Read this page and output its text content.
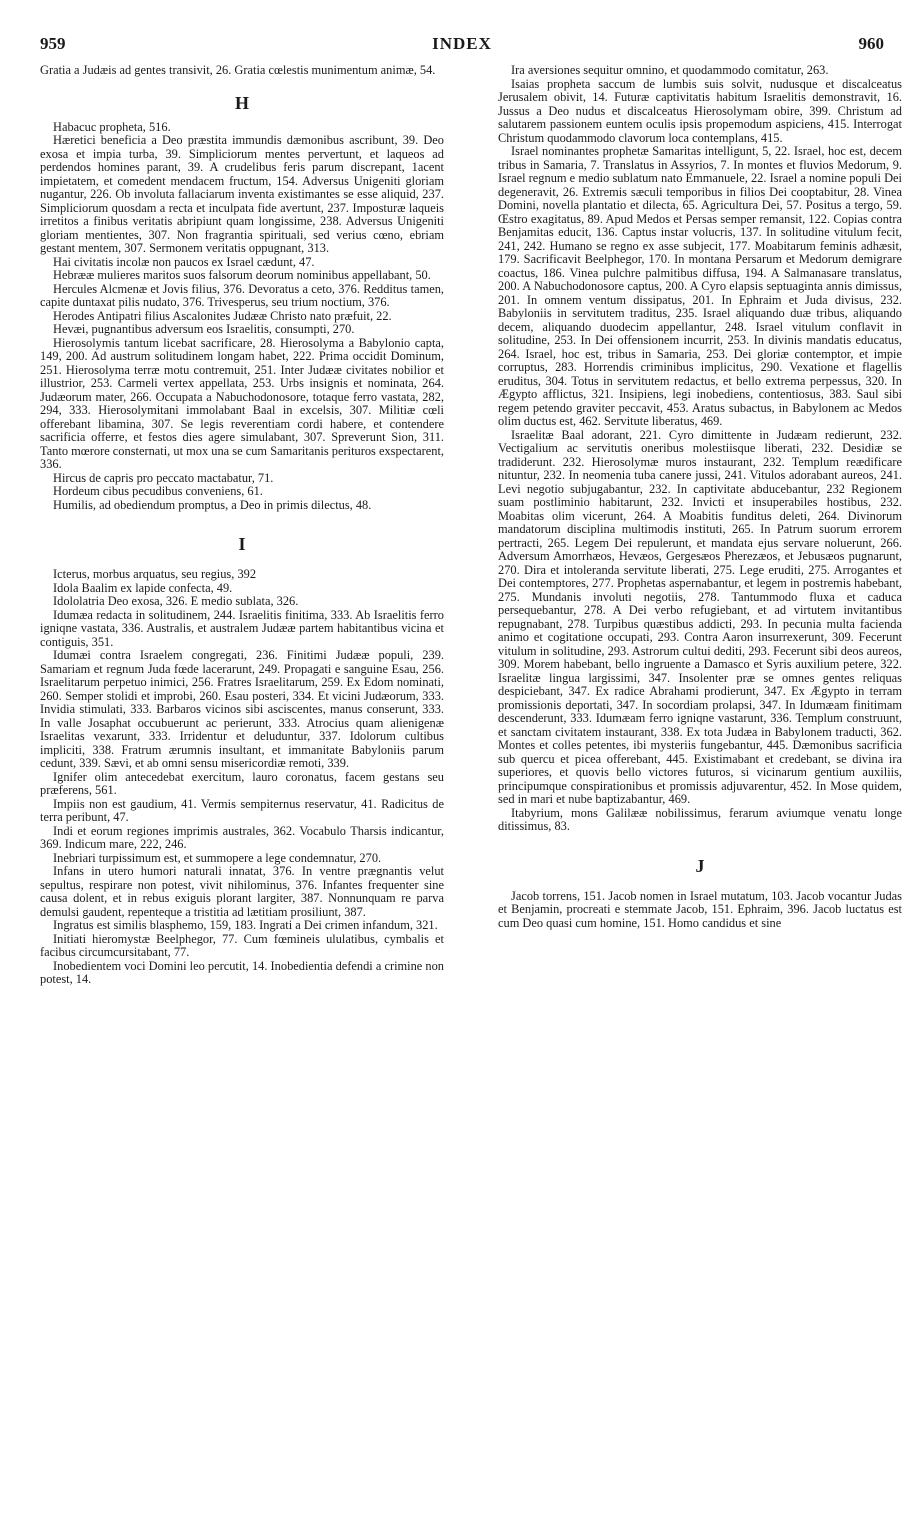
959	INDEX	960

Gratia a Judæis ad gentes transivit, 26. Gratia cœlestis munimentum animæ, 54.

H

Habacuc propheta, 516.

Hæretici beneficia a Deo præstita immundis dæmonibus ascribunt, 39. Deo exosa et impia turba, 39. Simpliciorum mentes pervertunt, et laqueos ad perdendos homines parant, 39. A crudelibus feris parum discrepant, 1acent impietatem, et comedent mendacem fructum, 154. Adversus Unigeniti gloriam nugantur, 226. Ob involuta fallaciarum inventa existimantes se esse aliquid, 237. Simpliciorum quosdam a recta et inculpata fide avertunt, 237. Imposturæ laqueis irretitos a finibus veritatis abripiunt quam longissime, 238. Adversus Unigeniti gloriam mentientes, 307. Non fragrantia spirituali, sed verius cœno, ebriam gestant mentem, 307. Sermonem veritatis oppugnant, 313.

Hai civitatis incolæ non paucos ex Israel cædunt, 47.

Hebrææ mulieres maritos suos falsorum deorum nominibus appellabant, 50.

Hercules Alcmenæ et Jovis filius, 376. Devoratus a ceto, 376. Redditus tamen, capite duntaxat pilis nudato, 376. Trivesperus, seu trium noctium, 376.

Herodes Antipatri filius Ascalonites Judææ Christo nato præfuit, 22.

Hevæi, pugnantibus adversum eos Israelitis, consumpti, 270.

Hierosolymis tantum licebat sacrificare, 28. Hierosolyma a Babylonio capta, 149, 200. Ad austrum solitudinem longam habet, 222. Prima occidit Dominum, 251. Hierosolyma terræ motu contremuit, 251. Inter Judææ civitates nobilior et illustrior, 253. Carmeli vertex appellata, 253. Urbs insignis et nominata, 264. Judæorum mater, 266. Occupata a Nabuchodonosore, totaque ferro vastata, 282, 294, 333. Hierosolymitani immolabant Baal in excelsis, 307. Militiæ cœli offerebant libamina, 307. Se legis reverentiam cordi habere, et contendere sacrificia offerre, et festos dies agere simulabant, 307. Spreverunt Sion, 311. Tanto mœrore consternati, ut mox una se cum Samaritanis perituros exspectarent, 336.

Hircus de capris pro peccato mactabatur, 71.

Hordeum cibus pecudibus conveniens, 61.

Humilis, ad obediendum promptus, a Deo in primis dilectus, 48.

I

Icterus, morbus arquatus, seu regius, 392

Idola Baalim ex lapide confecta, 49.

Idololatria Deo exosa, 326. E medio sublata, 326.

Idumæa redacta in solitudinem, 244. Israelitis finitima, 333. Ab Israelitis ferro igniqne vastata, 336. Australis, et australem Judææ partem habitantibus vicina et contiguis, 351.

Idumæi contra Israelem congregati, 236. Finitimi Judææ populi, 239. Samariam et regnum Juda fœde lacerarunt, 249. Propagati e sanguine Esau, 256. Israelitarum perpetuo inimici, 256. Fratres Israelitarum, 259. Ex Edom nominati, 260. Semper stolidi et improbi, 260. Esau posteri, 334. Et vicini Judæorum, 333. Invidia stimulati, 333. Barbaros vicinos sibi asciscentes, manus conserunt, 333. In valle Josaphat occubuerunt ac perierunt, 333. Atrocius quam alienigenæ Israelitas vexarunt, 333. Irridentur et deluduntur, 337. Idolorum cultibus impliciti, 338. Fratrum ærumnis insultant, et immanitate Babyloniis parum cedunt, 339. Sævi, et ab omni sensu misericordiæ remoti, 339.

Ignifer olim antecedebat exercitum, lauro coronatus, facem gestans seu præferens, 561.

Impiis non est gaudium, 41. Vermis sempiternus reservatur, 41. Radicitus de terra peribunt, 47.

Indi et eorum regiones imprimis australes, 362. Vocabulo Tharsis indicantur, 369. Indicum mare, 222, 246.

Inebriari turpissimum est, et summopere a lege condemnatur, 270.

Infans in utero humori naturali innatat, 376. In ventre prægnantis velut sepultus, respirare non potest, vivit nihilominus, 376. Infantes frequenter sine causa dolent, et in rebus exiguis plorant largiter, 387. Nonnunquam re parva demulsi gaudent, repenteque a tristitia ad lætitiam prosiliunt, 387.

Ingratus est similis blasphemo, 159, 183. Ingrati a Dei crimen infandum, 321.

Initiati hieromystæ Beelphegor, 77. Cum fœmineis ululatibus, cymbalis et facibus circumcursitabant, 77.

Inobedientem voci Domini leo percutit, 14. Inobedientia defendi a crimine non potest, 14.

Ira aversiones sequitur omnino, et quodammodo comitatur, 263.

Isaias propheta saccum de lumbis suis solvit, nudusque et discalceatus Jerusalem obivit, 14. Futuræ captivitatis habitum Israelitis demonstravit, 16. Jussus a Deo nudus et discalceatus Hierosolymam obire, 399. Christum ad salutarem passionem euntem oculis ipsis propemodum aspiciens, 415. Interrogat Christum quodammodo clavorum loca contemplans, 415.

Israel nominantes prophetæ Samaritas intelligunt, 5, 22. Israel, hoc est, decem tribus in Samaria, 7. Translatus in Assyrios, 7. In montes et fluvios Medorum, 9. Israel regnum e medio sublatum nato Emmanuele, 22. Israel a nomine populi Dei degeneravit, 26. Extremis sæculi temporibus in filios Dei cooptabitur, 28. Vinea Domini, novella plantatio et dilecta, 65. Agricultura Dei, 57. Positus a tergo, 59. Œstro exagitatus, 89. Apud Medos et Persas semper remansit, 122. Copias contra Benjamitas educit, 136. Captus instar volucris, 137. In solitudine vitulum fecit, 241, 242. Humano se regno ex asse subjecit, 177. Moabitarum feminis adhæsit, 179. Sacrificavit Beelphegor, 170. In montana Persarum et Medorum demigrare coactus, 186. Vinea pulchre palmitibus diffusa, 194. A Salmanasare translatus, 200. A Nabuchodonosore captus, 200. A Cyro elapsis septuaginta annis dimissus, 201. In omnem ventum dissipatus, 201. In Ephraim et Juda divisus, 232. Babyloniis in servitutem traditus, 235. Israel aliquando duæ tribus, aliquando decem, aliquando duodecim appellantur, 248. Israel vitulum conflavit in solitudine, 253. In Dei offensionem incurrit, 253. In divinis mandatis educatus, 264. Israel, hoc est, tribus in Samaria, 253. Dei gloriæ contemptor, et impie corruptus, 283. Horrendis criminibus implicitus, 290. Vexatione et flagellis eruditus, 304. Totus in servitutem redactus, et bello extrema perpessus, 320. In Ægypto afflictus, 321. Insipiens, legi inobediens, contentiosus, 383. Saul sibi regem petendo graviter peccavit, 453. Aratus subactus, in Babylonem ac Medos olim ductus est, 462. Servitute liberatus, 469.

Israelitæ Baal adorant, 221. Cyro dimittente in Judæam redierunt, 232. Vectigalium ac servitutis oneribus molestiisque liberati, 232. Desidiæ se tradiderunt. 232. Hierosolymæ muros instaurant, 232. Templum reædificare nituntur, 232. In neomenia tuba canere jussi, 241. Vitulos adorabant aureos, 241. Levi negotio subjugabantur, 232. In captivitate abducebantur, 232 Regionem suam postliminio habitarunt, 232. Invicti et insuperabiles hostibus, 232. Moabitas olim vicerunt, 264. A Moabitis funditus deleti, 264. Divinorum mandatorum disciplina multimodis instituti, 265. In Patrum suorum errorem pertracti, 265. Legem Dei repulerunt, et mandata ejus servare noluerunt, 266. Adversum Amorrhæos, Hevæos, Gergesæos Pherezæos, et Jebusæos pugnarunt, 270. Dira et intoleranda servitute liberati, 275. Lege eruditi, 275. Arrogantes et Dei contemptores, 277. Prophetas aspernabantur, et legem in postremis habebant, 275. Mundanis involuti negotiis, 278. Tantummodo fluxa et caduca persequebantur, 278. A Dei verbo refugiebant, et ad virtutem invitantibus repugnabant, 278. Turpibus quæstibus addicti, 293. In pecunia multa faciendа animo et cogitatione occupati, 293. Contra Aaron insurrexerunt, 309. Fecerunt vitulum in solitudine, 293. Astrorum cultui dediti, 293. Fecerunt sibi deos aureos, 309. Morem habebant, bello ingruente a Damasco et Syris auxilium petere, 322. Israelitæ lingua largissimi, 347. Insolenter præ se omnes gentes reliquas despiciebant, 347. Ex radice Abrahami prodierunt, 347. Ex Ægypto in terram promissionis deportati, 347. In socordiam prolapsi, 347. In Idumæam finitimam descenderunt, 333. Idumæam ferro igniqne vastarunt, 336. Templum construunt, et sanctam civitatem instaurant, 338. Ex tota Judæa in Babylonem traducti, 362. Montes et colles petentes, ibi mysteriis fungebantur, 445. Dæmonibus sacrificia sub quercu et picea offerebant, 445. Existimabant et credebant, se divina ira superiores, et quovis bello victores futuros, si vicinarum gentium auxiliis, principumque conspirationibus et promissis adjuvarentur, 452. In Mose quidem, sed in mari et nube baptizabantur, 469.

Itabyrium, mons Galilææ nobilissimus, ferarum aviumque venatu longe ditissimus, 83.

J

Jacob torrens, 151. Jacob nomen in Israel mutatum, 103. Jacob vocantur Judas et Benjamin, procreati e stemmate Jacob, 151. Ephraim, 396. Jacob luctatus est cum Deo quasi cum homine, 151. Homo candidus et sine
